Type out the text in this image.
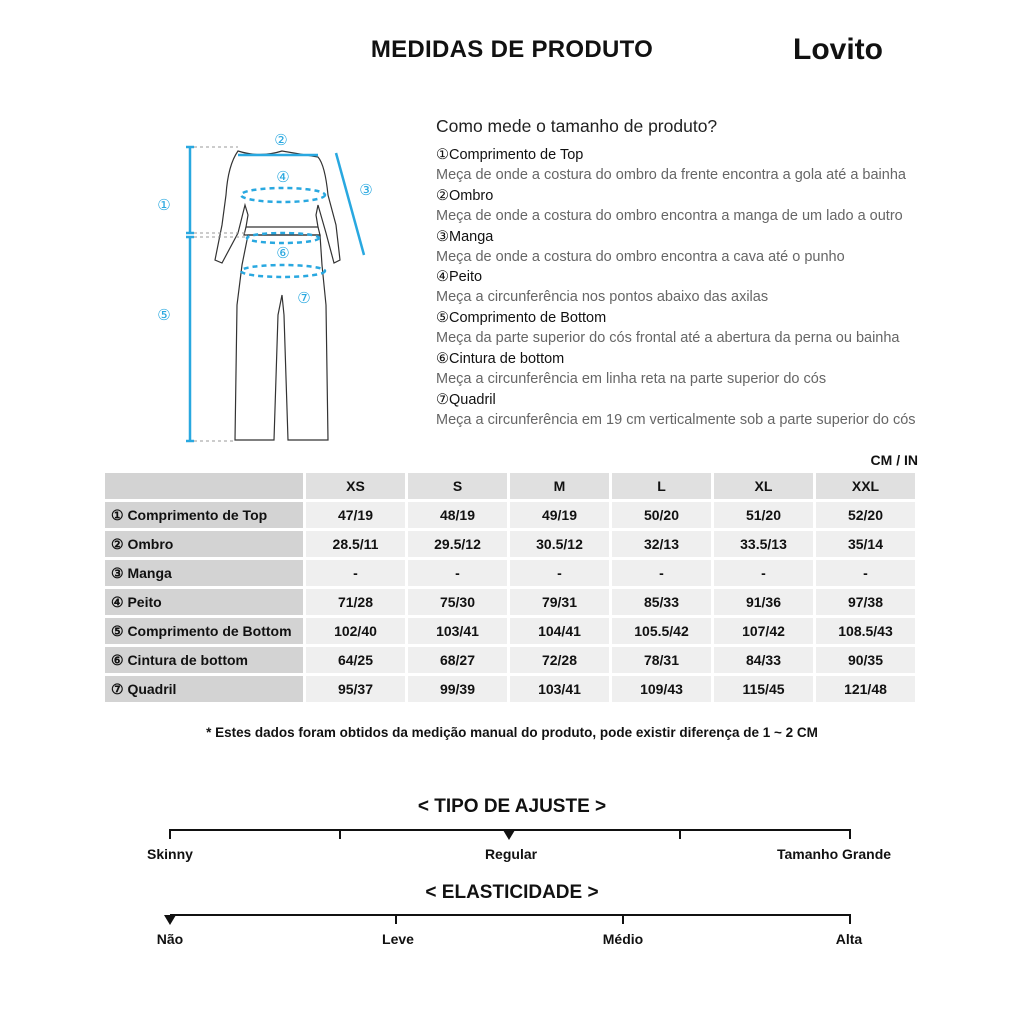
MEDIDAS DE PRODUTO	Lovito
①
②
③
④
⑤
⑥
⑦
Como mede o tamanho de produto?
①Comprimento de Top
Meça de onde a costura do ombro da frente encontra a gola até a bainha
②Ombro
Meça de onde a costura do ombro encontra a manga de um lado a outro
③Manga
Meça de onde a costura do ombro encontra a cava até o punho
④Peito
Meça a circunferência nos pontos abaixo das axilas
⑤Comprimento de Bottom
Meça da parte superior do cós frontal até a abertura da perna ou bainha
⑥Cintura de bottom
Meça a circunferência em linha reta na parte superior do cós
⑦Quadril
Meça a circunferência em 19 cm verticalmente sob a parte superior do cós
CM / IN
	XS	S	M	L	XL	XXL
① Comprimento de Top	47/19	48/19	49/19	50/20	51/20	52/20
② Ombro	28.5/11	29.5/12	30.5/12	32/13	33.5/13	35/14
③ Manga	-	-	-	-	-	-
④ Peito	71/28	75/30	79/31	85/33	91/36	97/38
⑤ Comprimento de Bottom	102/40	103/41	104/41	105.5/42	107/42	108.5/43
⑥ Cintura de bottom	64/25	68/27	72/28	78/31	84/33	90/35
⑦ Quadril	95/37	99/39	103/41	109/43	115/45	121/48
* Estes dados foram obtidos da medição manual do produto, pode existir diferença de 1 ~ 2 CM
< TIPO DE AJUSTE >
Skinny	Regular	Tamanho Grande
< ELASTICIDADE >
Não	Leve	Médio	Alta
